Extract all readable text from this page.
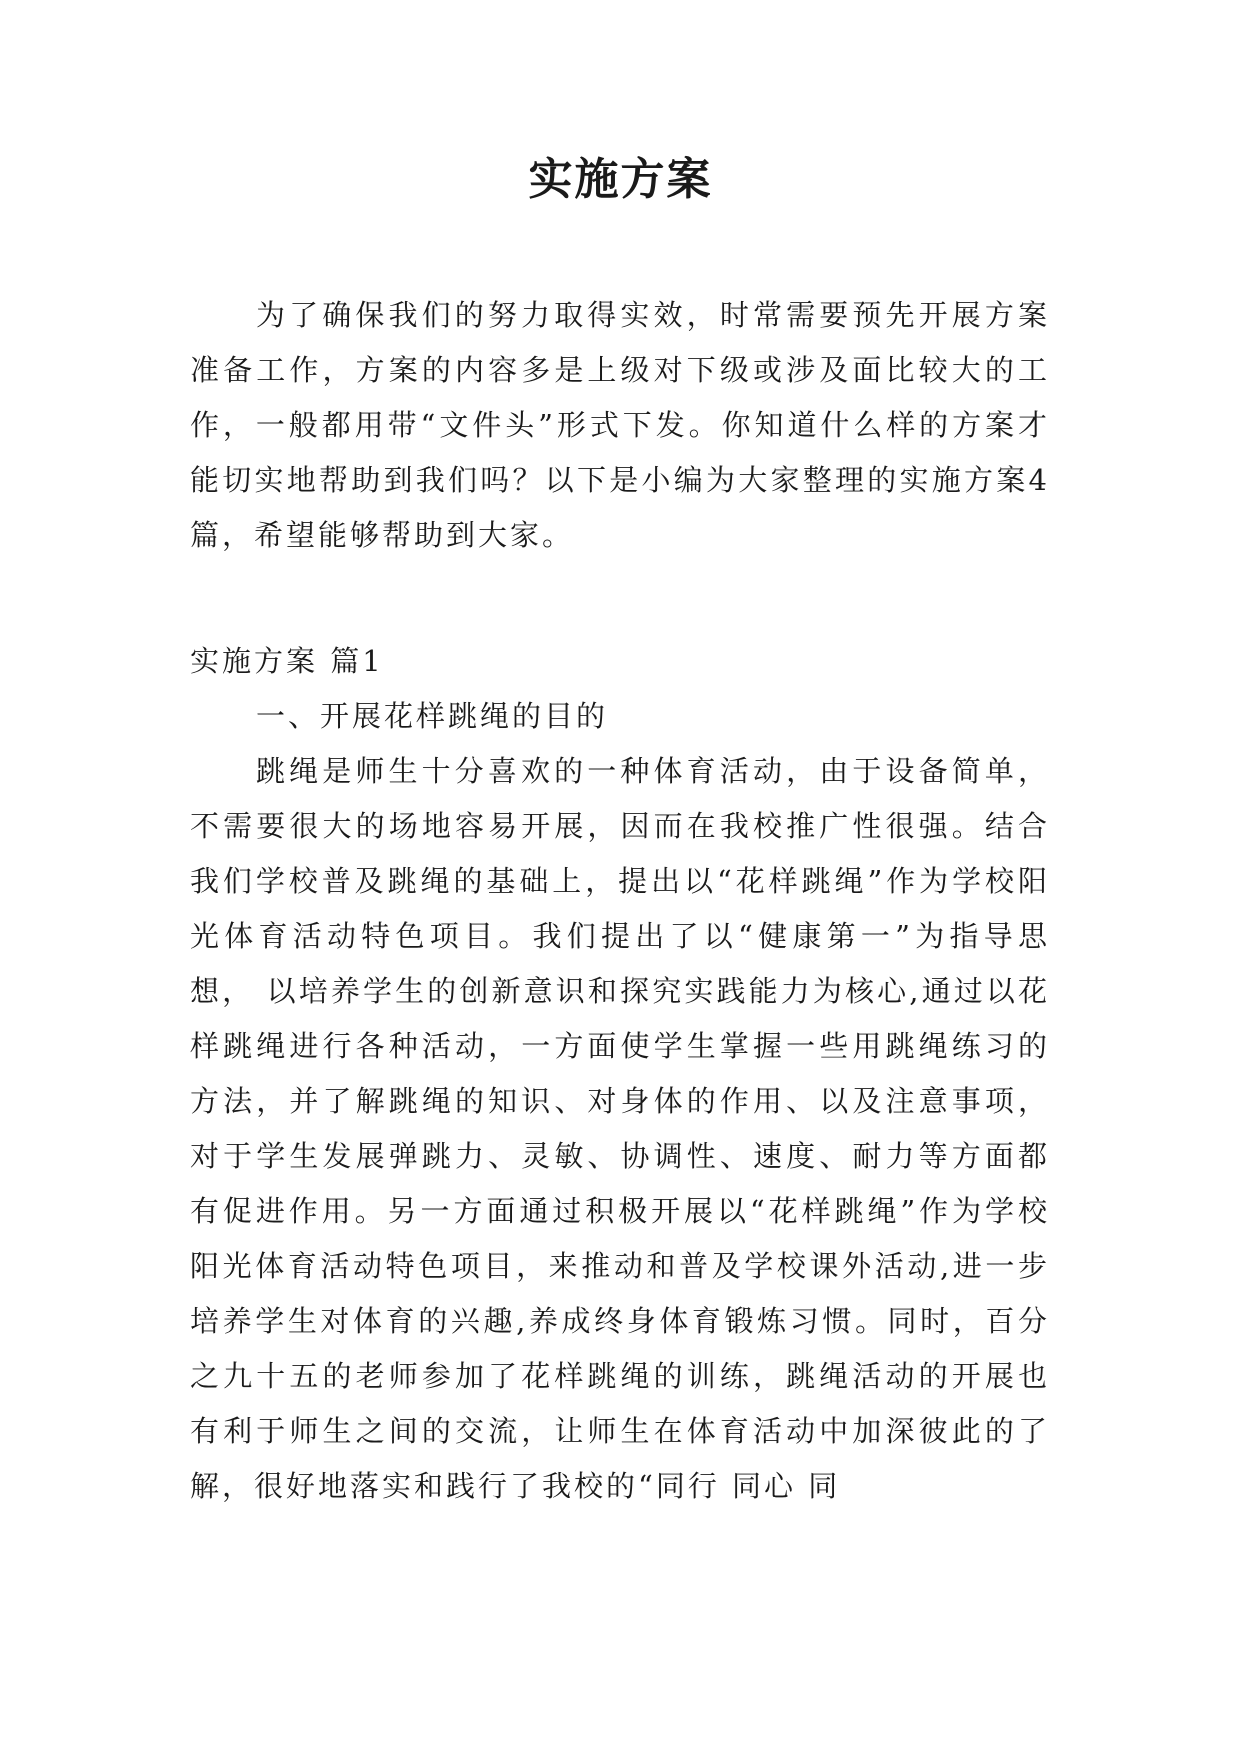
实施方案

为了确保我们的努力取得实效，时常需要预先开展方案准备工作，方案的内容多是上级对下级或涉及面比较大的工作，一般都用带“文件头”形式下发。你知道什么样的方案才能切实地帮助到我们吗？以下是小编为大家整理的实施方案4篇，希望能够帮助到大家。

实施方案 篇1

一、开展花样跳绳的目的

跳绳是师生十分喜欢的一种体育活动，由于设备简单，不需要很大的场地容易开展，因而在我校推广性很强。结合我们学校普及跳绳的基础上，提出以“花样跳绳”作为学校阳光体育活动特色项目。我们提出了以“健康第一”为指导思想， 以培养学生的创新意识和探究实践能力为核心,通过以花样跳绳进行各种活动，一方面使学生掌握一些用跳绳练习的方法，并了解跳绳的知识、对身体的作用、以及注意事项，对于学生发展弹跳力、灵敏、协调性、速度、耐力等方面都有促进作用。另一方面通过积极开展以“花样跳绳”作为学校阳光体育活动特色项目，来推动和普及学校课外活动,进一步培养学生对体育的兴趣,养成终身体育锻炼习惯。同时，百分之九十五的老师参加了花样跳绳的训练，跳绳活动的开展也有利于师生之间的交流，让师生在体育活动中加深彼此的了解，很好地落实和践行了我校的“同行 同心 同
